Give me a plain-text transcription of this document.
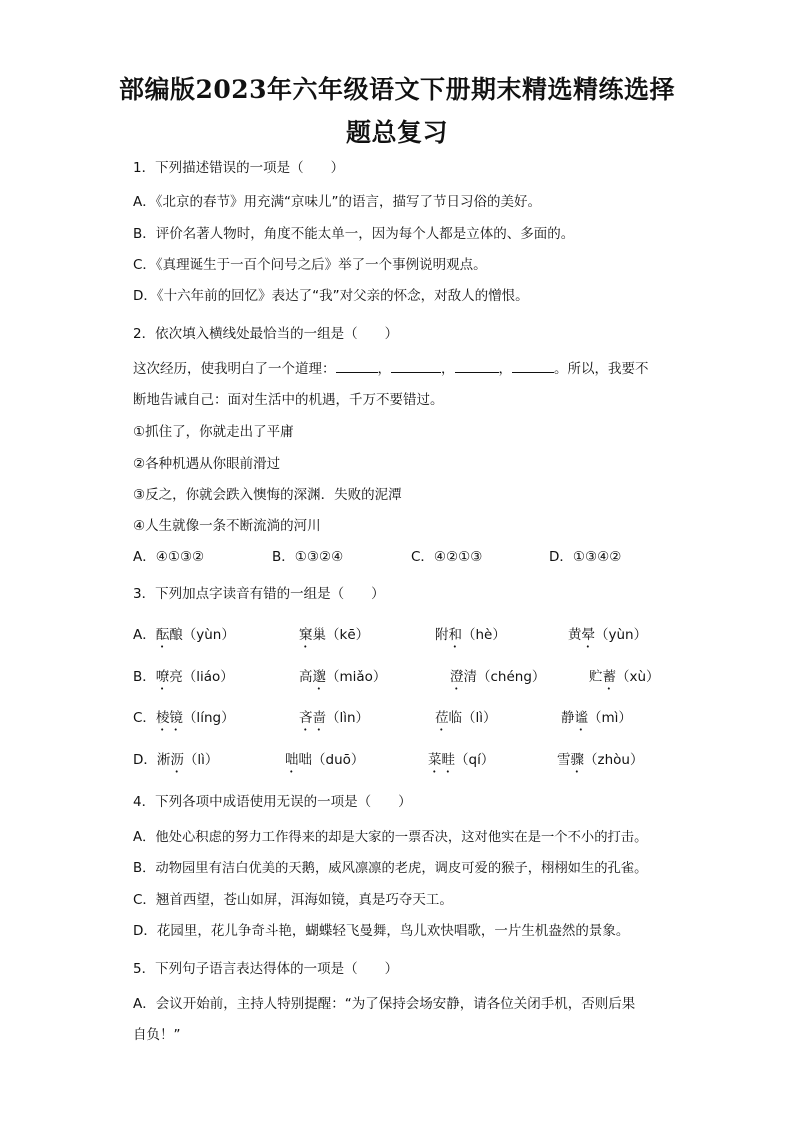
部编版2023年六年级语文下册期末精选精练选择
题总复习
1．下列描述错误的一项是（　　）
A．《北京的春节》用充满“京味儿”的语言，描写了节日习俗的美好。
B．评价名著人物时，角度不能太单一，因为每个人都是立体的、多面的。
C．《真理诞生于一百个问号之后》举了一个事例说明观点。
D．《十六年前的回忆》表达了“我”对父亲的怀念，对敌人的憎恨。
2．依次填入横线处最恰当的一组是（　　）
这次经历，使我明白了一个道理：	，	，	，	。所以，我要不
断地告诫自己：面对生活中的机遇，千万不要错过。
①抓住了，你就走出了平庸
②各种机遇从你眼前滑过
③反之，你就会跌入懊悔的深渊．失败的泥潭
④人生就像一条不断流淌的河川
A．④①③②	B．①③②④	C．④②①③	D．①③④②
3．下列加点字读音有错的一组是（　　）
A．酝酿（yùn）	窠巢（kē）	附和（hè）	黄晕（yùn）
B．嘹亮（liáo）	高邈（miǎo）	澄清（chéng）	贮蓄（xù）
C．棱镜（líng）	吝啬（lìn）	莅临（lì）	静谧（mì）
D．淅沥（lì）	咄咄（duō）	菜畦（qí）	雪骤（zhòu）
4．下列各项中成语使用无误的一项是（　　）
A．他处心积虑的努力工作得来的却是大家的一票否决，这对他实在是一个不小的打击。
B．动物园里有洁白优美的天鹅，威风凛凛的老虎，调皮可爱的猴子，栩栩如生的孔雀。
C．翘首西望，苍山如屏，洱海如镜，真是巧夺天工。
D．花园里，花儿争奇斗艳，蝴蝶轻飞曼舞，鸟儿欢快唱歌，一片生机盎然的景象。
5．下列句子语言表达得体的一项是（　　）
A．会议开始前，主持人特别提醒：“为了保持会场安静，请各位关闭手机，否则后果
自负！”
